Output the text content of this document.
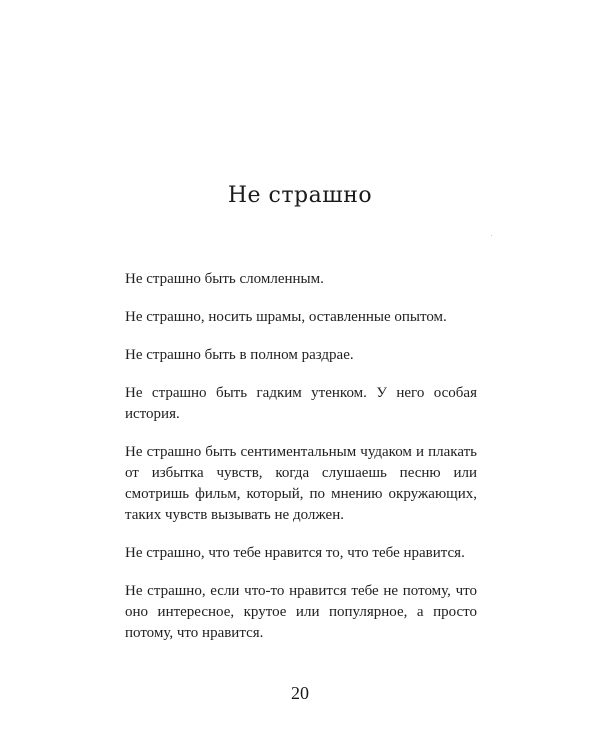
Не страшно

Не страшно быть сломленным.

Не страшно, носить шрамы, оставленные опытом.

Не страшно быть в полном раздрае.

Не страшно быть гадким утенком. У него особая история.

Не страшно быть сентиментальным чудаком и плакать от избытка чувств, когда слушаешь песню или смотришь фильм, который, по мнению окружающих, таких чувств вызывать не должен.

Не страшно, что тебе нравится то, что тебе нравится.

Не страшно, если что-то нравится тебе не потому, что оно интересное, крутое или популярное, а просто потому, что нравится.

20
